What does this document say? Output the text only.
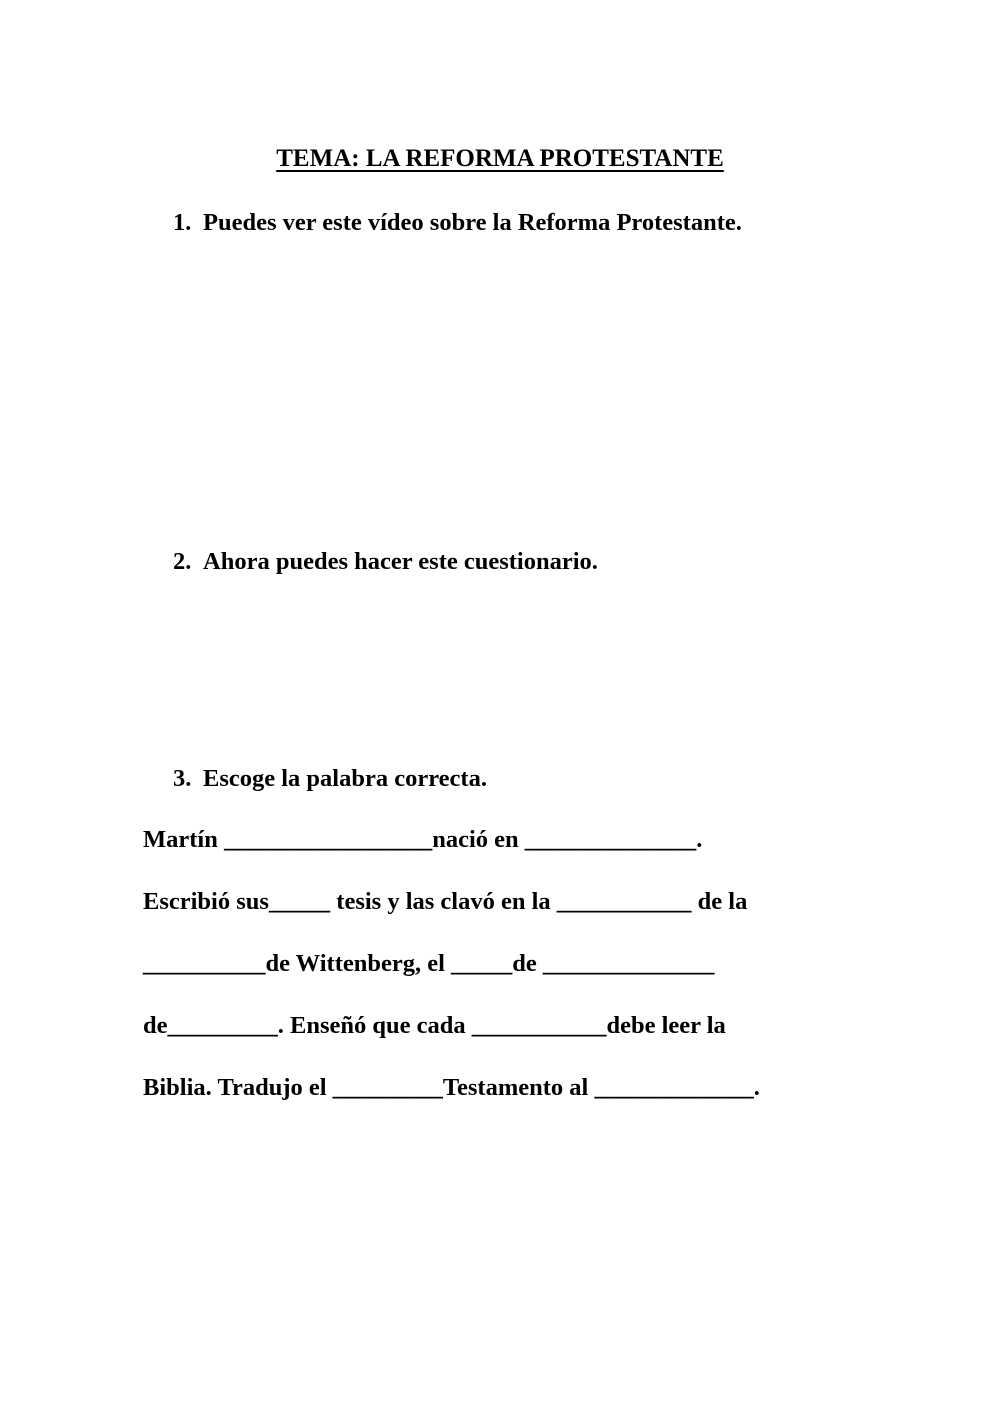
TEMA: LA REFORMA PROTESTANTE
1. Puedes ver este vídeo sobre la Reforma Protestante.
2. Ahora puedes hacer este cuestionario.
3. Escoge la palabra correcta.
Martín _________________nació en ______________.
Escribió sus_____ tesis y las clavó en la ___________ de la
__________de Wittenberg, el _____de ______________
de_________. Enseñó que cada ___________debe leer la
Biblia. Tradujo el _________Testamento al _____________.
